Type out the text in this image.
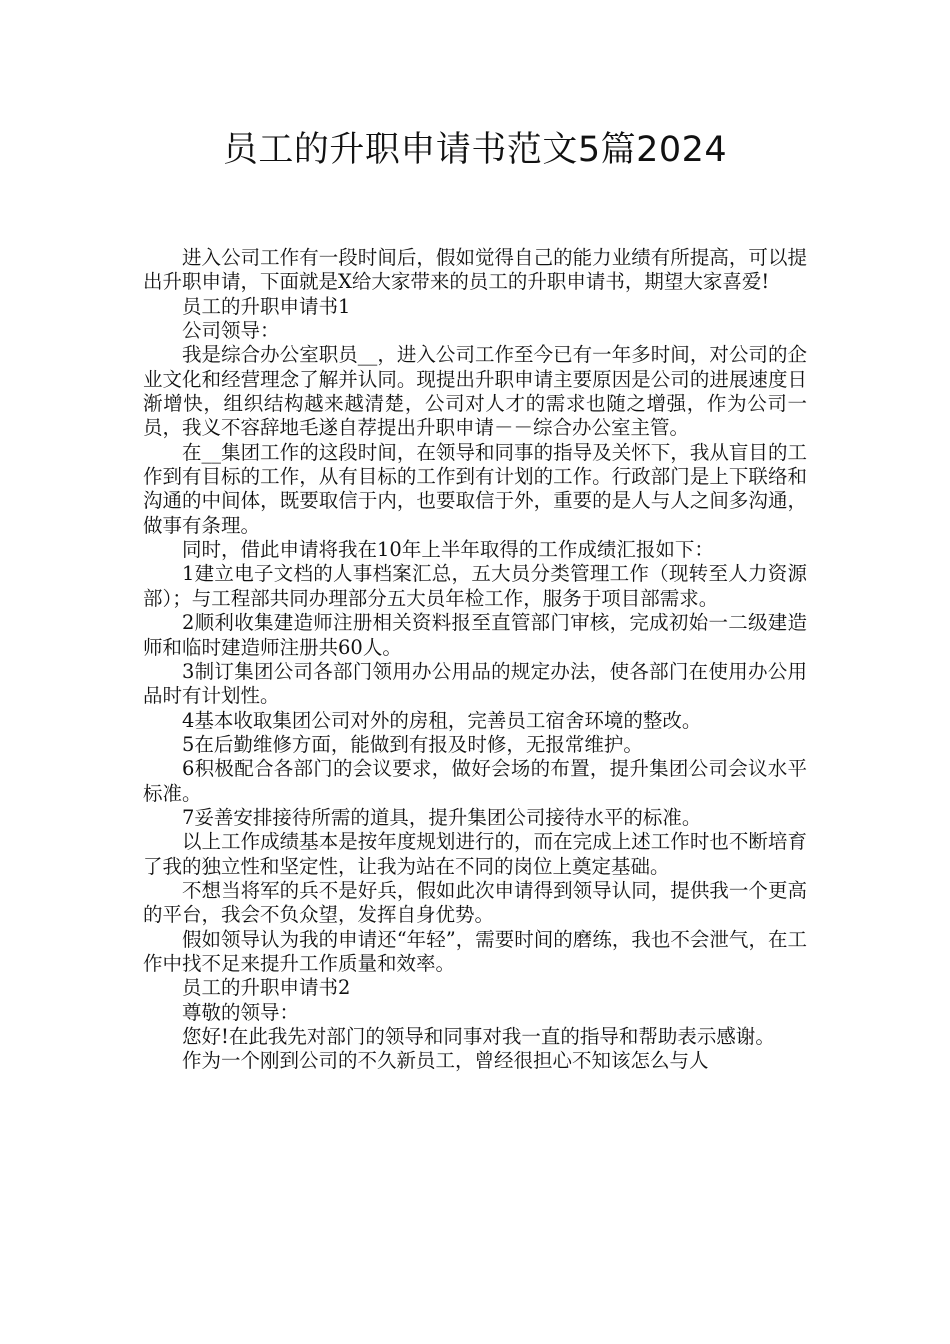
员工的升职申请书范文5篇2024

进入公司工作有一段时间后，假如觉得自己的能力业绩有所提高，可以提出升职申请，下面就是X给大家带来的员工的升职申请书，期望大家喜爱!

员工的升职申请书1

公司领导：

我是综合办公室职员__，进入公司工作至今已有一年多时间，对公司的企业文化和经营理念了解并认同。现提出升职申请主要原因是公司的进展速度日渐增快，组织结构越来越清楚，公司对人才的需求也随之增强，作为公司一员，我义不容辞地毛遂自荐提出升职申请－－综合办公室主管。

在__集团工作的这段时间，在领导和同事的指导及关怀下，我从盲目的工作到有目标的工作，从有目标的工作到有计划的工作。行政部门是上下联络和沟通的中间体，既要取信于内，也要取信于外，重要的是人与人之间多沟通，做事有条理。

同时，借此申请将我在10年上半年取得的工作成绩汇报如下：

1建立电子文档的人事档案汇总，五大员分类管理工作（现转至人力资源部）；与工程部共同办理部分五大员年检工作，服务于项目部需求。

2顺利收集建造师注册相关资料报至直管部门审核，完成初始一二级建造师和临时建造师注册共60人。

3制订集团公司各部门领用办公用品的规定办法，使各部门在使用办公用品时有计划性。

4基本收取集团公司对外的房租，完善员工宿舍环境的整改。

5在后勤维修方面，能做到有报及时修，无报常维护。

6积极配合各部门的会议要求，做好会场的布置，提升集团公司会议水平标准。

7妥善安排接待所需的道具，提升集团公司接待水平的标准。

以上工作成绩基本是按年度规划进行的，而在完成上述工作时也不断培育了我的独立性和坚定性，让我为站在不同的岗位上奠定基础。

不想当将军的兵不是好兵，假如此次申请得到领导认同，提供我一个更高的平台，我会不负众望，发挥自身优势。

假如领导认为我的申请还“年轻”，需要时间的磨练，我也不会泄气，在工作中找不足来提升工作质量和效率。

员工的升职申请书2

尊敬的领导：

您好!在此我先对部门的领导和同事对我一直的指导和帮助表示感谢。

作为一个刚到公司的不久新员工，曾经很担心不知该怎么与人
